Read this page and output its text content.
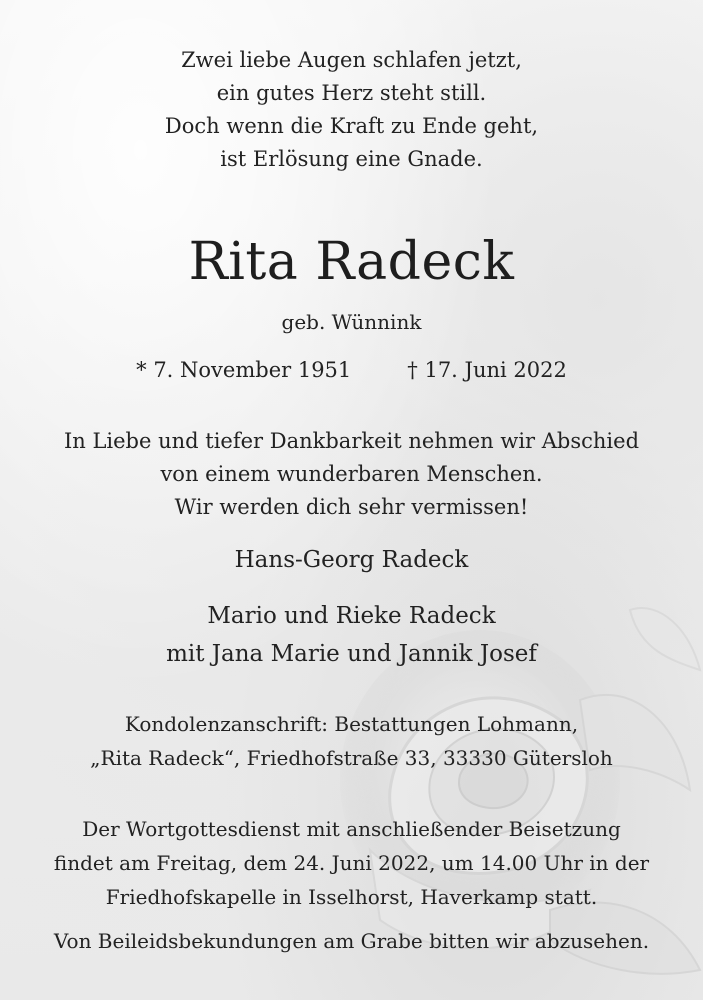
Zwei liebe Augen schlafen jetzt,
ein gutes Herz steht still.
Doch wenn die Kraft zu Ende geht,
ist Erlösung eine Gnade.
Rita Radeck
geb. Wünnink
* 7. November 1951	† 17. Juni 2022
In Liebe und tiefer Dankbarkeit nehmen wir Abschied
von einem wunderbaren Menschen.
Wir werden dich sehr vermissen!
Hans-Georg Radeck
Mario und Rieke Radeck
mit Jana Marie und Jannik Josef
Kondolenzanschrift: Bestattungen Lohmann,
„Rita Radeck“, Friedhofstraße 33, 33330 Gütersloh
Der Wortgottesdienst mit anschließender Beisetzung
findet am Freitag, dem 24. Juni 2022, um 14.00 Uhr in der
Friedhofskapelle in Isselhorst, Haverkamp statt.
Von Beileidsbekundungen am Grabe bitten wir abzusehen.
